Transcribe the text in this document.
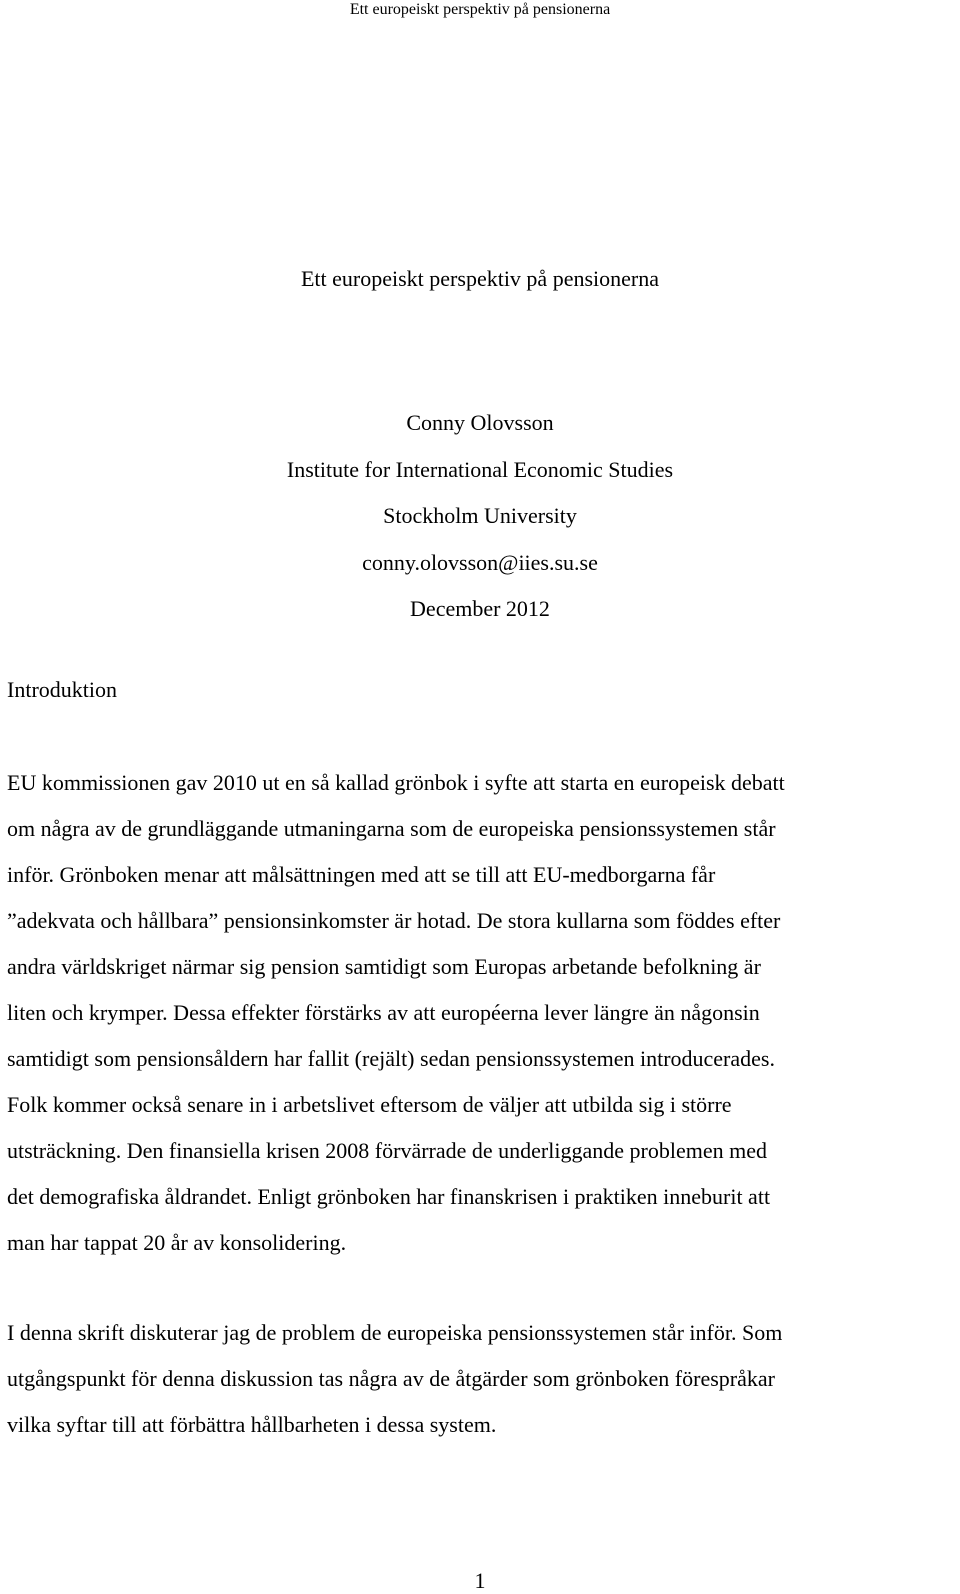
Ett europeiskt perspektiv på pensionerna
Ett europeiskt perspektiv på pensionerna
Conny Olovsson
Institute for International Economic Studies
Stockholm University
conny.olovsson@iies.su.se
December 2012
Introduktion
EU kommissionen gav 2010 ut en så kallad grönbok i syfte att starta en europeisk debatt
om några av de grundläggande utmaningarna som de europeiska pensionssystemen står
inför. Grönboken menar att målsättningen med att se till att EU-medborgarna får
”adekvata och hållbara” pensionsinkomster är hotad. De stora kullarna som föddes efter
andra världskriget närmar sig pension samtidigt som Europas arbetande befolkning är
liten och krymper. Dessa effekter förstärks av att européerna lever längre än någonsin
samtidigt som pensionsåldern har fallit (rejält) sedan pensionssystemen introducerades.
Folk kommer också senare in i arbetslivet eftersom de väljer att utbilda sig i större
utsträckning. Den finansiella krisen 2008 förvärrade de underliggande problemen med
det demografiska åldrandet. Enligt grönboken har finanskrisen i praktiken inneburit att
man har tappat 20 år av konsolidering.
I denna skrift diskuterar jag de problem de europeiska pensionssystemen står inför. Som
utgångspunkt för denna diskussion tas några av de åtgärder som grönboken förespråkar
vilka syftar till att förbättra hållbarheten i dessa system.
1
